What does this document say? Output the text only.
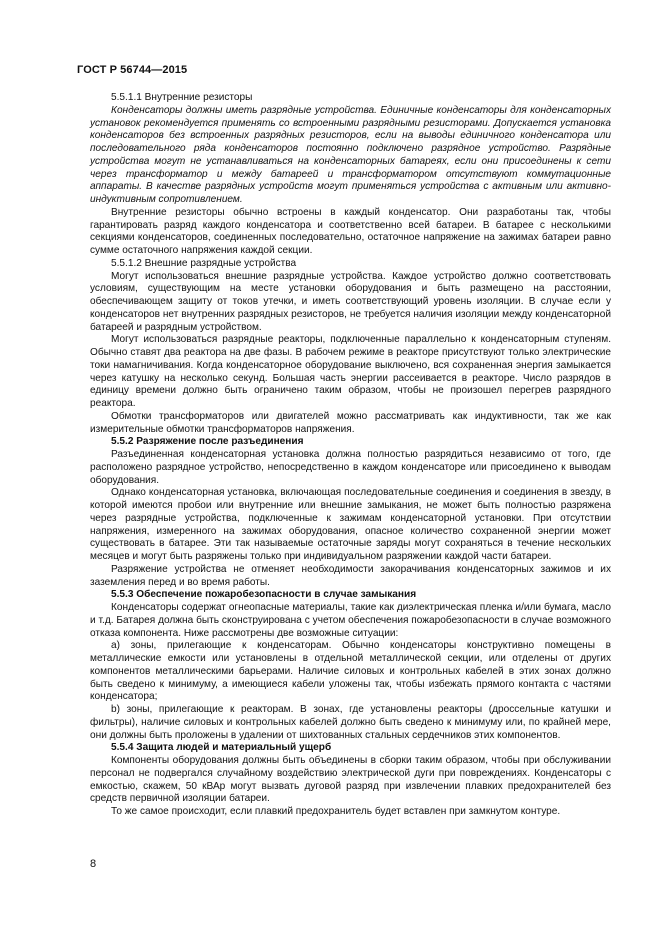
ГОСТ Р 56744—2015

5.5.1.1 Внутренние резисторы

Конденсаторы должны иметь разрядные устройства. Единичные конденсаторы для конденсаторных установок рекомендуется применять со встроенными разрядными резисторами. Допускается установка конденсаторов без встроенных разрядных резисторов, если на выводы единичного конденсатора или последовательного ряда конденсаторов постоянно подключено разрядное устройство. Разрядные устройства могут не устанавливаться на конденсаторных батареях, если они присоединены к сети через трансформатор и между батареей и трансформатором отсутствуют коммутационные аппараты. В качестве разрядных устройств могут применяться устройства с активным или активно-индуктивным сопротивлением.

Внутренние резисторы обычно встроены в каждый конденсатор. Они разработаны так, чтобы гарантировать разряд каждого конденсатора и соответственно всей батареи. В батарее с несколькими секциями конденсаторов, соединенных последовательно, остаточное напряжение на зажимах батареи равно сумме остаточного напряжения каждой секции.

5.5.1.2 Внешние разрядные устройства

Могут использоваться внешние разрядные устройства. Каждое устройство должно соответствовать условиям, существующим на месте установки оборудования и быть размещено на расстоянии, обеспечивающем защиту от токов утечки, и иметь соответствующий уровень изоляции. В случае если у конденсаторов нет внутренних разрядных резисторов, не требуется наличия изоляции между конденсаторной батареей и разрядным устройством.

Могут использоваться разрядные реакторы, подключенные параллельно к конденсаторным ступеням. Обычно ставят два реактора на две фазы. В рабочем режиме в реакторе присутствуют только электрические токи намагничивания. Когда конденсаторное оборудование выключено, вся сохраненная энергия замыкается через катушку на несколько секунд. Большая часть энергии рассеивается в реакторе. Число разрядов в единицу времени должно быть ограничено таким образом, чтобы не произошел перегрев разрядного реактора.

Обмотки трансформаторов или двигателей можно рассматривать как индуктивности, так же как измерительные обмотки трансформаторов напряжения.

5.5.2 Разряжение после разъединения

Разъединенная конденсаторная установка должна полностью разрядиться независимо от того, где расположено разрядное устройство, непосредственно в каждом конденсаторе или присоединено к выводам оборудования.

Однако конденсаторная установка, включающая последовательные соединения и соединения в звезду, в которой имеются пробои или внутренние или внешние замыкания, не может быть полностью разряжена через разрядные устройства, подключенные к зажимам конденсаторной установки. При отсутствии напряжения, измеренного на зажимах оборудования, опасное количество сохраненной энергии может существовать в батарее. Эти так называемые остаточные заряды могут сохраняться в течение нескольких месяцев и могут быть разряжены только при индивидуальном разряжении каждой части батареи.

Разряжение устройства не отменяет необходимости закорачивания конденсаторных зажимов и их заземления перед и во время работы.

5.5.3 Обеспечение пожаробезопасности в случае замыкания

Конденсаторы содержат огнеопасные материалы, такие как диэлектрическая пленка и/или бумага, масло и т.д. Батарея должна быть сконструирована с учетом обеспечения пожаробезопасности в случае возможного отказа компонента. Ниже рассмотрены две возможные ситуации:

а) зоны, прилегающие к конденсаторам. Обычно конденсаторы конструктивно помещены в металлические емкости или установлены в отдельной металлической секции, или отделены от других компонентов металлическими барьерами. Наличие силовых и контрольных кабелей в этих зонах должно быть сведено к минимуму, а имеющиеся кабели уложены так, чтобы избежать прямого контакта с частями конденсатора;

b) зоны, прилегающие к реакторам. В зонах, где установлены реакторы (дроссельные катушки и фильтры), наличие силовых и контрольных кабелей должно быть сведено к минимуму или, по крайней мере, они должны быть проложены в удалении от шихтованных стальных сердечников этих компонентов.

5.5.4 Защита людей и материальный ущерб

Компоненты оборудования должны быть объединены в сборки таким образом, чтобы при обслуживании персонал не подвергался случайному воздействию электрической дуги при повреждениях. Конденсаторы с емкостью, скажем, 50 кВАр могут вызвать дуговой разряд при извлечении плавких предохранителей без средств первичной изоляции батареи.

То же самое происходит, если плавкий предохранитель будет вставлен при замкнутом контуре.

8
